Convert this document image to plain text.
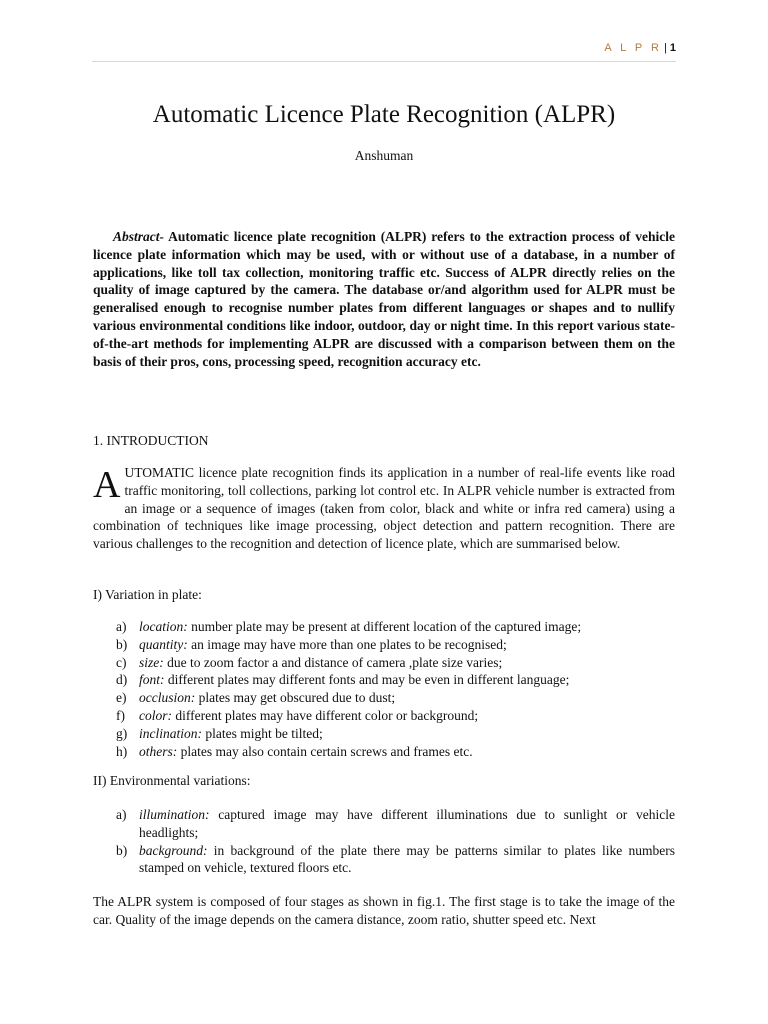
A L P R | 1
Automatic Licence Plate Recognition (ALPR)
Anshuman

Abstract- Automatic licence plate recognition (ALPR) refers to the extraction process of vehicle licence plate information which may be used, with or without use of a database, in a number of applications, like toll tax collection, monitoring traffic etc. Success of ALPR directly relies on the quality of image captured by the camera. The database or/and algorithm used for ALPR must be generalised enough to recognise number plates from different languages or shapes and to nullify various environmental conditions like indoor, outdoor, day or night time. In this report various state-of-the-art methods for implementing ALPR are discussed with a comparison between them on the basis of their pros, cons, processing speed, recognition accuracy etc.

1. INTRODUCTION

AUTOMATIC licence plate recognition finds its application in a number of real-life events like road traffic monitoring, toll collections, parking lot control etc. In ALPR vehicle number is extracted from an image or a sequence of images (taken from color, black and white or infra red camera) using a combination of techniques like image processing, object detection and pattern recognition. There are various challenges to the recognition and detection of licence plate, which are summarised below.

I) Variation in plate:
a) location: number plate may be present at different location of the captured image;
b) quantity: an image may have more than one plates to be recognised;
c) size: due to zoom factor a and distance of camera ,plate size varies;
d) font: different plates may different fonts and may be even in different language;
e) occlusion: plates may get obscured due to dust;
f)	color: different plates may have different color or background;
g) inclination: plates might be tilted;
h) others: plates may also contain certain screws and frames etc.
II) Environmental variations:
a) illumination: captured image may have different illuminations due to sunlight or vehicle headlights;
b) background: in background of the plate there may be patterns similar to plates like numbers stamped on vehicle, textured floors etc.

The ALPR system is composed of four stages as shown in fig.1. The first stage is to take the image of the car. Quality of the image depends on the camera distance, zoom ratio, shutter speed etc. Next
